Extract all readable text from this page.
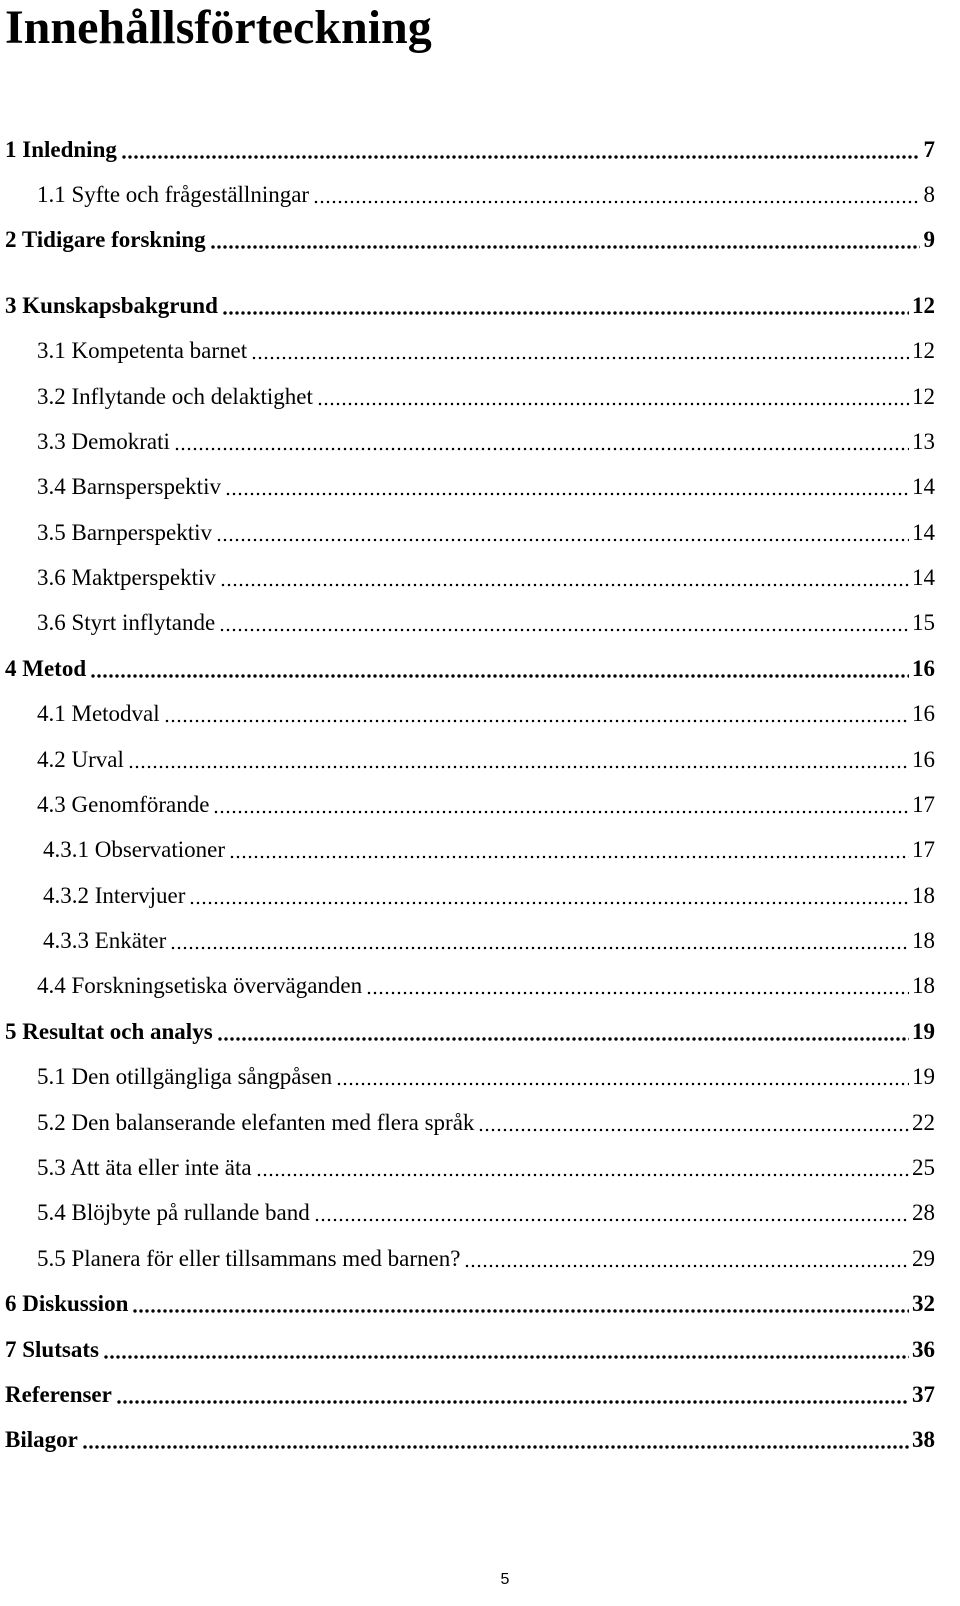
Innehållsförteckning
1 Inledning	7
1.1 Syfte och frågeställningar	8
2 Tidigare forskning	9
3 Kunskapsbakgrund	12
3.1 Kompetenta barnet	12
3.2 Inflytande och delaktighet	12
3.3 Demokrati	13
3.4 Barnsperspektiv	14
3.5 Barnperspektiv	14
3.6 Maktperspektiv	14
3.6 Styrt inflytande	15
4 Metod	16
4.1 Metodval	16
4.2 Urval	16
4.3 Genomförande	17
4.3.1 Observationer	17
4.3.2 Intervjuer	18
4.3.3 Enkäter	18
4.4 Forskningsetiska överväganden	18
5 Resultat och analys	19
5.1 Den otillgängliga sångpåsen	19
5.2 Den balanserande elefanten med flera språk	22
5.3 Att äta eller inte äta	25
5.4 Blöjbyte på rullande band	28
5.5 Planera för eller tillsammans med barnen?	29
6 Diskussion	32
7 Slutsats	36
Referenser	37
Bilagor	38
5
